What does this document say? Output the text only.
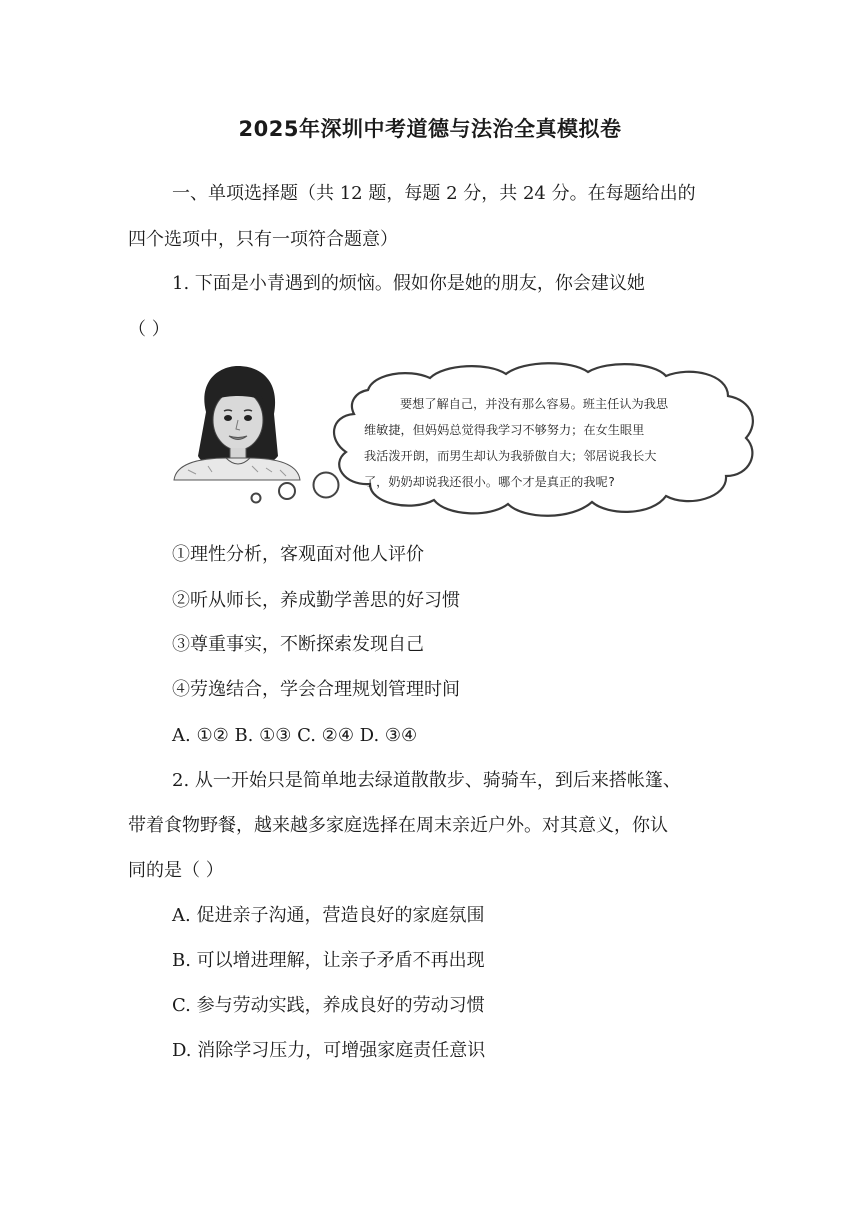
2025年深圳中考道德与法治全真模拟卷
一、单项选择题（共 12 题，每题 2 分，共 24 分。在每题给出的
四个选项中，只有一项符合题意）
1. 下面是小青遇到的烦恼。假如你是她的朋友，你会建议她
（ ）
要想了解自己，并没有那么容易。班主任认为我思
维敏捷，但妈妈总觉得我学习不够努力；在女生眼里
我活泼开朗，而男生却认为我骄傲自大；邻居说我长大
了，奶奶却说我还很小。哪个才是真正的我呢?
①理性分析，客观面对他人评价
②听从师长，养成勤学善思的好习惯
③尊重事实，不断探索发现自己
④劳逸结合，学会合理规划管理时间
A. ①② B. ①③ C. ②④ D. ③④
2. 从一开始只是简单地去绿道散散步、骑骑车，到后来搭帐篷、
带着食物野餐，越来越多家庭选择在周末亲近户外。对其意义，你认
同的是（ ）
A. 促进亲子沟通，营造良好的家庭氛围
B. 可以增进理解，让亲子矛盾不再出现
C. 参与劳动实践，养成良好的劳动习惯
D. 消除学习压力，可增强家庭责任意识
